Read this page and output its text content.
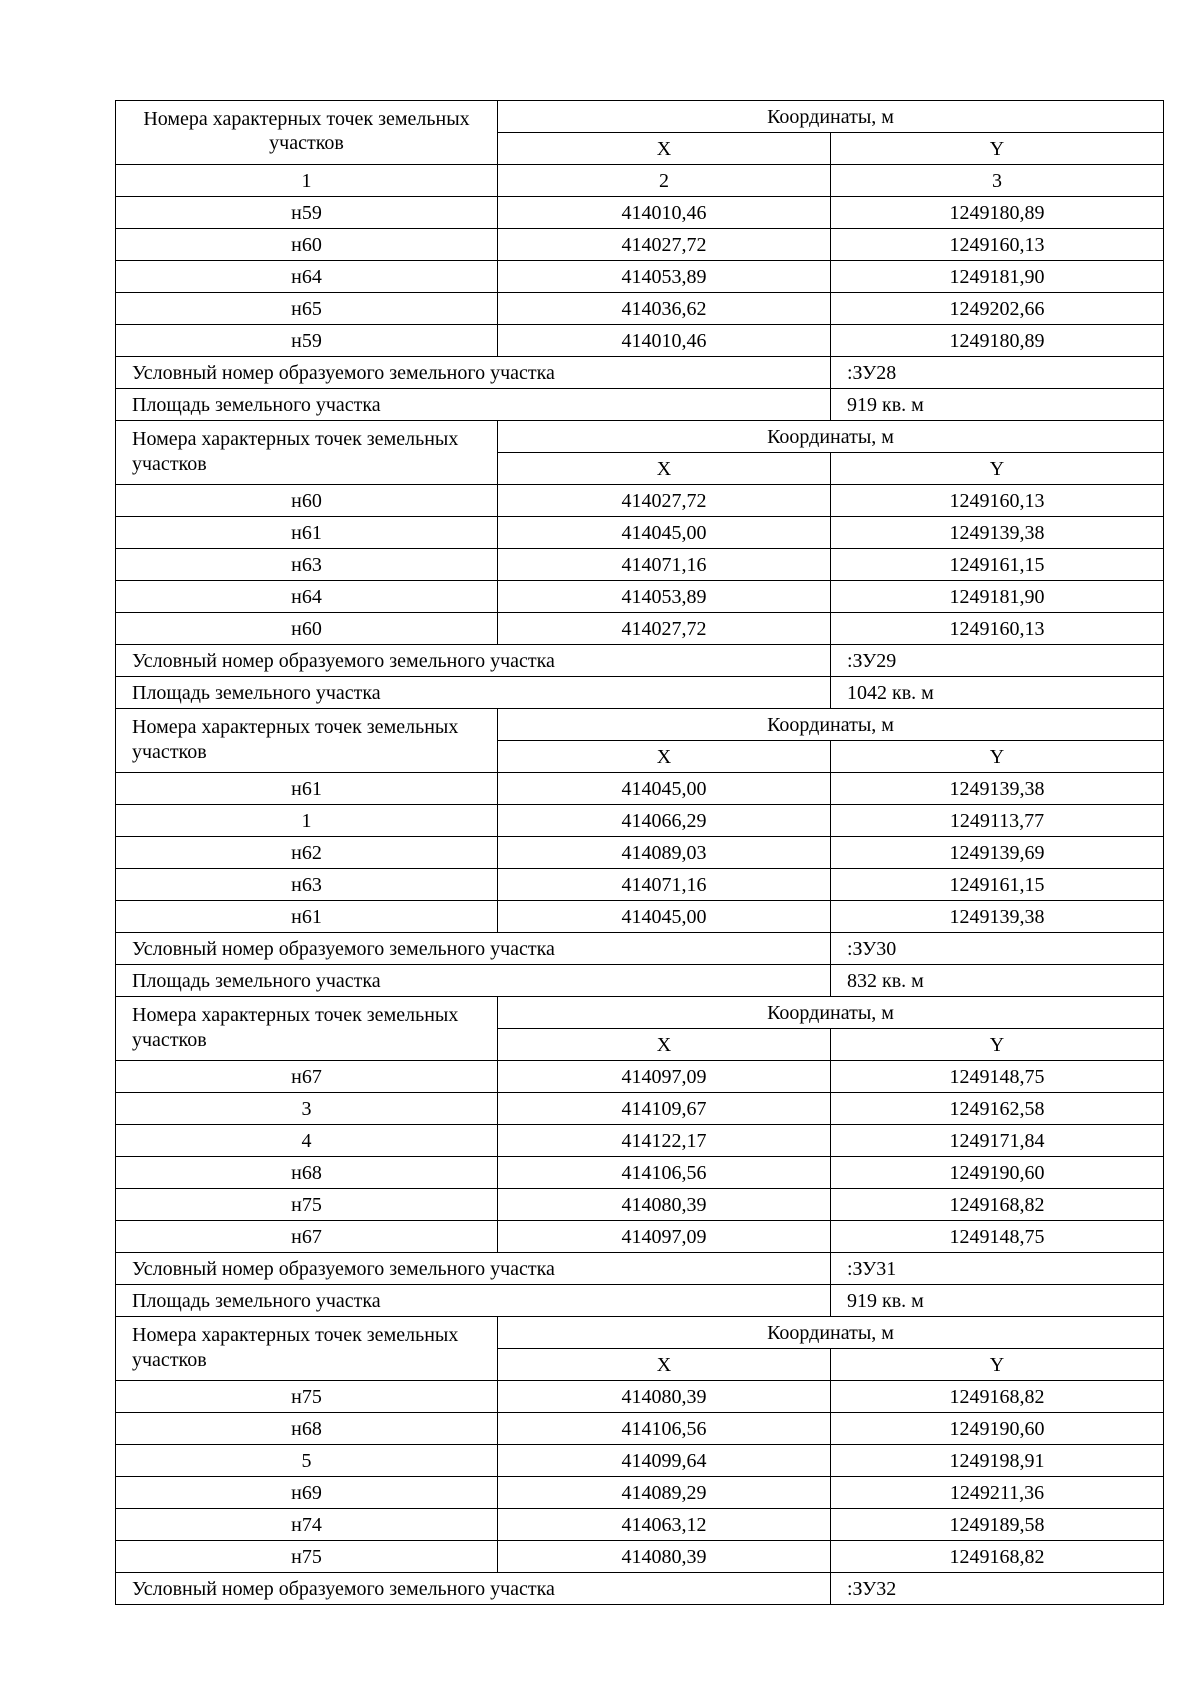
Номера характерных точек земельных участков	Координаты, м	
	X	Y
1	2	3
н59	414010,46	1249180,89
н60	414027,72	1249160,13
н64	414053,89	1249181,90
н65	414036,62	1249202,66
н59	414010,46	1249180,89
Условный номер образуемого земельного участка		:ЗУ28
Площадь земельного участка		919 кв. м
Номера характерных точек земельных участков	Координаты, м	
	X	Y
н60	414027,72	1249160,13
н61	414045,00	1249139,38
н63	414071,16	1249161,15
н64	414053,89	1249181,90
н60	414027,72	1249160,13
Условный номер образуемого земельного участка		:ЗУ29
Площадь земельного участка		1042 кв. м
Номера характерных точек земельных участков	Координаты, м	
	X	Y
н61	414045,00	1249139,38
1	414066,29	1249113,77
н62	414089,03	1249139,69
н63	414071,16	1249161,15
н61	414045,00	1249139,38
Условный номер образуемого земельного участка		:ЗУ30
Площадь земельного участка		832 кв. м
Номера характерных точек земельных участков	Координаты, м	
	X	Y
н67	414097,09	1249148,75
3	414109,67	1249162,58
4	414122,17	1249171,84
н68	414106,56	1249190,60
н75	414080,39	1249168,82
н67	414097,09	1249148,75
Условный номер образуемого земельного участка		:ЗУ31
Площадь земельного участка		919 кв. м
Номера характерных точек земельных участков	Координаты, м	
	X	Y
н75	414080,39	1249168,82
н68	414106,56	1249190,60
5	414099,64	1249198,91
н69	414089,29	1249211,36
н74	414063,12	1249189,58
н75	414080,39	1249168,82
Условный номер образуемого земельного участка		:ЗУ32
